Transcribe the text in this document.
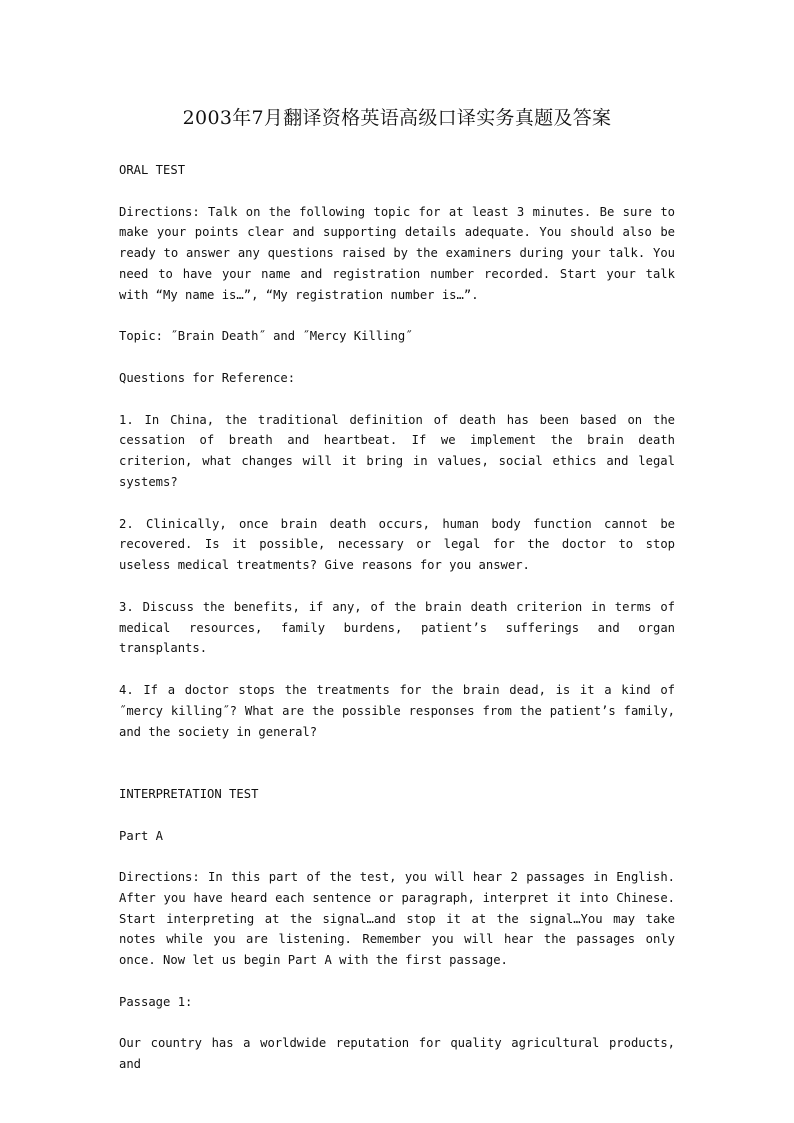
2003年7月翻译资格英语高级口译实务真题及答案

ORAL TEST

Directions: Talk on the following topic for at least 3 minutes. Be sure to make your points clear and supporting details adequate. You should also be ready to answer any questions raised by the examiners during your talk. You need to have your name and registration number recorded. Start your talk with “My name is…”, “My registration number is…”.

Topic: ˝Brain Death˝ and ˝Mercy Killing˝

Questions for Reference:

1. In China, the traditional definition of death has been based on the cessation of breath and heartbeat. If we implement the brain death criterion, what changes will it bring in values, social ethics and legal systems?

2. Clinically, once brain death occurs, human body function cannot be recovered. Is it possible, necessary or legal for the doctor to stop useless medical treatments? Give reasons for you answer.

3. Discuss the benefits, if any, of the brain death criterion in terms of medical resources, family burdens, patient’s sufferings and organ transplants.

4. If a doctor stops the treatments for the brain dead, is it a kind of ˝mercy killing˝? What are the possible responses from the patient’s family, and the society in general?

INTERPRETATION TEST

Part A

Directions: In this part of the test, you will hear 2 passages in English. After you have heard each sentence or paragraph, interpret it into Chinese. Start interpreting at the signal…and stop it at the signal…You may take notes while you are listening. Remember you will hear the passages only once. Now let us begin Part A with the first passage.

Passage 1:

Our country has a worldwide reputation for quality agricultural products, and
